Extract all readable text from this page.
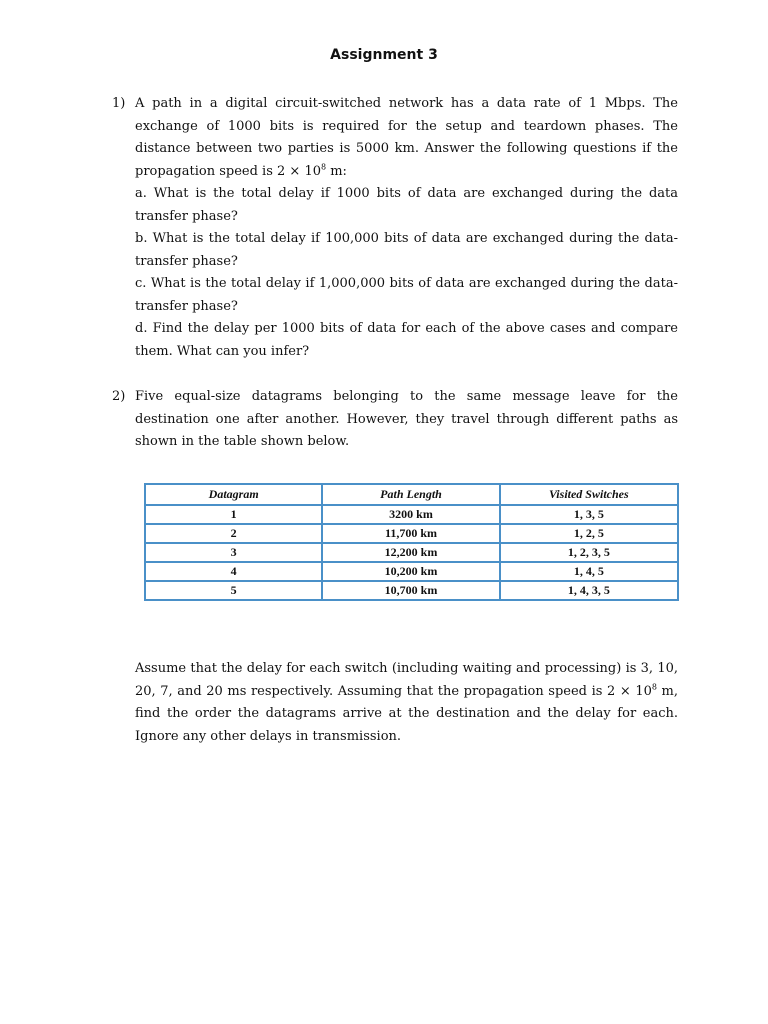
Assignment 3
1) A path in a digital circuit-switched network has a data rate of 1 Mbps. The exchange of 1000 bits is required for the setup and teardown phases. The distance between two parties is 5000 km. Answer the following questions if the propagation speed is $2 \times 10^8$ m:

a. What is the total delay if 1000 bits of data are exchanged during the data transfer phase?

b. What is the total delay if 100,000 bits of data are exchanged during the data-transfer phase?

c. What is the total delay if 1,000,000 bits of data are exchanged during the data-transfer phase?

d. Find the delay per 1000 bits of data for each of the above cases and compare them. What can you infer?

2) Five equal-size datagrams belonging to the same message leave for the destination one after another. However, they travel through different paths as shown in the table shown below.

Datagram	Path Length	Visited Switches
1	3200 km	1, 3, 5
2	11,700 km	1, 2, 5
3	12,200 km	1, 2, 3, 5
4	10,200 km	1, 4, 5
5	10,700 km	1, 4, 3, 5

Assume that the delay for each switch (including waiting and processing) is 3, 10, 20, 7, and 20 ms respectively. Assuming that the propagation speed is $2 \times 10^8$ m, find the order the datagrams arrive at the destination and the delay for each. Ignore any other delays in transmission.
